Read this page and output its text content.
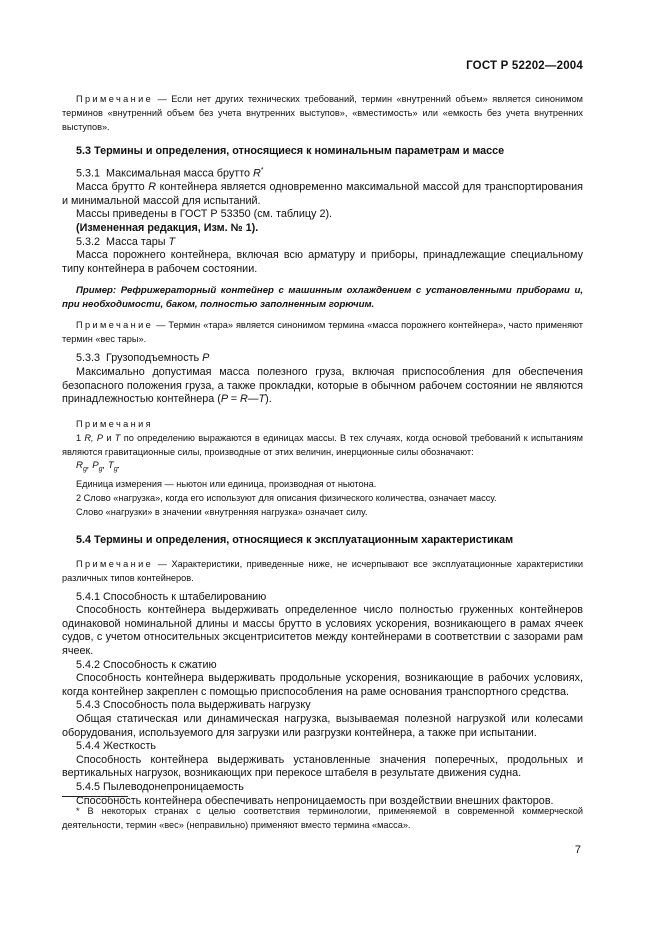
ГОСТ Р 52202—2004

Примечание — Если нет других технических требований, термин «внутренний объем» является синонимом терминов «внутренний объем без учета внутренних выступов», «вместимость» или «емкость без учета внутренних выступов».

5.3 Термины и определения, относящиеся к номинальным параметрам и массе

5.3.1 Максимальная масса брутто R*

Масса брутто R контейнера является одновременно максимальной массой для транспортирования и минимальной массой для испытаний.

Массы приведены в ГОСТ Р 53350 (см. таблицу 2).

(Измененная редакция, Изм. № 1).

5.3.2 Масса тары T

Масса порожнего контейнера, включая всю арматуру и приборы, принадлежащие специальному типу контейнера в рабочем состоянии.

Пример: Рефрижераторный контейнер с машинным охлаждением с установленными приборами и, при необходимости, баком, полностью заполненным горючим.

Примечание — Термин «тара» является синонимом термина «масса порожнего контейнера», часто применяют термин «вес тары».

5.3.3 Грузоподъемность P

Максимально допустимая масса полезного груза, включая приспособления для обеспечения безопасного положения груза, а также прокладки, которые в обычном рабочем состоянии не являются принадлежностью контейнера (P = R—T).

Примечания

1 R, P и T по определению выражаются в единицах массы. В тех случаях, когда основой требований к испытаниям являются гравитационные силы, производные от этих величин, инерционные силы обозначают:

$R_g$, $P_g$, $T_g$.

Единица измерения — ньютон или единица, производная от ньютона.

2 Слово «нагрузка», когда его используют для описания физического количества, означает массу.

Слово «нагрузки» в значении «внутренняя нагрузка» означает силу.

5.4 Термины и определения, относящиеся к эксплуатационным характеристикам

Примечание — Характеристики, приведенные ниже, не исчерпывают все эксплуатационные характеристики различных типов контейнеров.

5.4.1 Способность к штабелированию

Способность контейнера выдерживать определенное число полностью груженных контейнеров одинаковой номинальной длины и массы брутто в условиях ускорения, возникающего в рамах ячеек судов, с учетом относительных эксцентриситетов между контейнерами в соответствии с зазорами рам ячеек.

5.4.2 Способность к сжатию

Способность контейнера выдерживать продольные ускорения, возникающие в рабочих условиях, когда контейнер закреплен с помощью приспособления на раме основания транспортного средства.

5.4.3 Способность пола выдерживать нагрузку

Общая статическая или динамическая нагрузка, вызываемая полезной нагрузкой или колесами оборудования, используемого для загрузки или разгрузки контейнера, а также при испытании.

5.4.4 Жесткость

Способность контейнера выдерживать установленные значения поперечных, продольных и вертикальных нагрузок, возникающих при перекосе штабеля в результате движения судна.

5.4.5 Пылеводонепроницаемость

Способность контейнера обеспечивать непроницаемость при воздействии внешних факторов.

* В некоторых странах с целью соответствия терминологии, применяемой в современной коммерческой деятельности, термин «вес» (неправильно) применяют вместо термина «масса».

7
